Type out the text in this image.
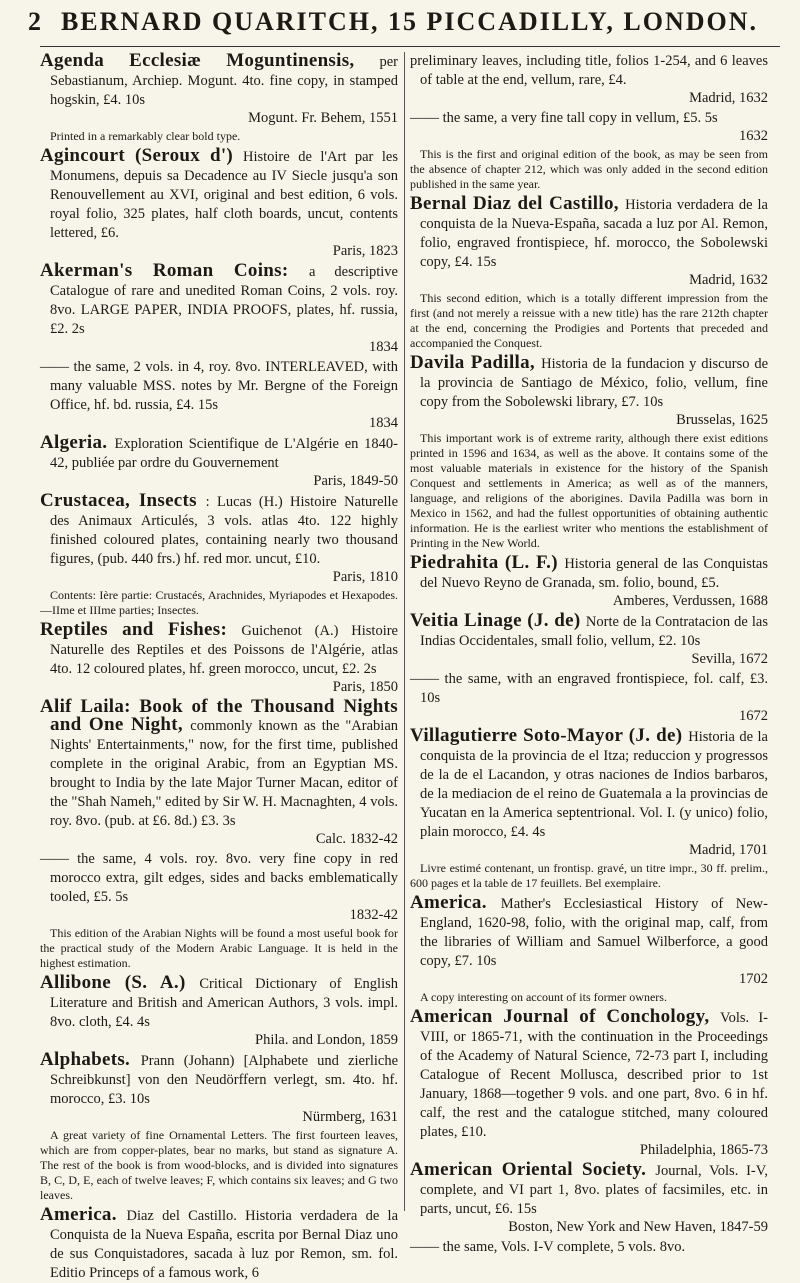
2 BERNARD QUARITCH, 15 PICCADILLY, LONDON.

Agenda Ecclesiæ Moguntinensis, per Sebastianum, Archiep. Mogunt. 4to. fine copy, in stamped hogskin, £4. 10s
Mogunt. Fr. Behem, 1551

Printed in a remarkably clear bold type.

Agincourt (Seroux d') Histoire de l'Art par les Monumens, depuis sa Decadence au IV Siecle jusqu'a son Renouvellement au XVI, original and best edition, 6 vols. royal folio, 325 plates, half cloth boards, uncut, contents lettered, £6.
Paris, 1823

Akerman's Roman Coins: a descriptive Catalogue of rare and unedited Roman Coins, 2 vols. roy. 8vo. LARGE PAPER, INDIA PROOFS, plates, hf. russia, £2. 2s
1834

—— the same, 2 vols. in 4, roy. 8vo. INTERLEAVED, with many valuable MSS. notes by Mr. Bergne of the Foreign Office, hf. bd. russia, £4. 15s
1834

Algeria. Exploration Scientifique de L'Algérie en 1840-42, publiée par ordre du Gouvernement
Paris, 1849-50

Crustacea, Insects : Lucas (H.) Histoire Naturelle des Animaux Articulés, 3 vols. atlas 4to. 122 highly finished coloured plates, containing nearly two thousand figures, (pub. 440 frs.) hf. red mor. uncut, £10.
Paris, 1810

Contents: Ière partie: Crustacés, Arachnides, Myriapodes et Hexapodes.—IIme et IIIme parties; Insectes.

Reptiles and Fishes: Guichenot (A.) Histoire Naturelle des Reptiles et des Poissons de l'Algérie, atlas 4to. 12 coloured plates, hf. green morocco, uncut, £2. 2s
Paris, 1850

Alif Laila: Book of the Thousand Nights and One Night, commonly known as the "Arabian Nights' Entertainments," now, for the first time, published complete in the original Arabic, from an Egyptian MS. brought to India by the late Major Turner Macan, editor of the "Shah Nameh," edited by Sir W. H. Macnaghten, 4 vols. roy. 8vo. (pub. at £6. 8d.) £3. 3s
Calc. 1832-42

—— the same, 4 vols. roy. 8vo. very fine copy in red morocco extra, gilt edges, sides and backs emblematically tooled, £5. 5s
1832-42

This edition of the Arabian Nights will be found a most useful book for the practical study of the Modern Arabic Language. It is held in the highest estimation.

Allibone (S. A.) Critical Dictionary of English Literature and British and American Authors, 3 vols. impl. 8vo. cloth, £4. 4s
Phila. and London, 1859

Alphabets. Prann (Johann) [Alphabete und zierliche Schreibkunst] von den Neudörffern verlegt, sm. 4to. hf. morocco, £3. 10s
Nürmberg, 1631

A great variety of fine Ornamental Letters. The first fourteen leaves, which are from copper-plates, bear no marks, but stand as signature A. The rest of the book is from wood-blocks, and is divided into signatures B, C, D, E, each of twelve leaves; F, which contains six leaves; and G two leaves.

America. Diaz del Castillo. Historia verdadera de la Conquista de la Nueva España, escrita por Bernal Diaz uno de sus Conquistadores, sacada à luz por Remon, sm. fol. Editio Princeps of a famous work, 6

preliminary leaves, including title, folios 1-254, and 6 leaves of table at the end, vellum, rare, £4.
Madrid, 1632

—— the same, a very fine tall copy in vellum, £5. 5s
1632

This is the first and original edition of the book, as may be seen from the absence of chapter 212, which was only added in the second edition published in the same year.

Bernal Diaz del Castillo, Historia verdadera de la conquista de la Nueva-España, sacada a luz por Al. Remon, folio, engraved frontispiece, hf. morocco, the Sobolewski copy, £4. 15s
Madrid, 1632

This second edition, which is a totally different impression from the first (and not merely a reissue with a new title) has the rare 212th chapter at the end, concerning the Prodigies and Portents that preceded and accompanied the Conquest.

Davila Padilla, Historia de la fundacion y discurso de la provincia de Santiago de México, folio, vellum, fine copy from the Sobolewski library, £7. 10s
Brusselas, 1625

This important work is of extreme rarity, although there exist editions printed in 1596 and 1634, as well as the above. It contains some of the most valuable materials in existence for the history of the Spanish Conquest and settlements in America; as well as of the manners, language, and religions of the aborigines. Davila Padilla was born in Mexico in 1562, and had the fullest opportunities of obtaining authentic information. He is the earliest writer who mentions the establishment of Printing in the New World.

Piedrahita (L. F.) Historia general de las Conquistas del Nuevo Reyno de Granada, sm. folio, bound, £5.
Amberes, Verdussen, 1688

Veitia Linage (J. de) Norte de la Contratacion de las Indias Occidentales, small folio, vellum, £2. 10s
Sevilla, 1672

—— the same, with an engraved frontispiece, fol. calf, £3. 10s
1672

Villagutierre Soto-Mayor (J. de) Historia de la conquista de la provincia de el Itza; reduccion y progressos de la de el Lacandon, y otras naciones de Indios barbaros, de la mediacion de el reino de Guatemala a la provincias de Yucatan en la America septentrional. Vol. I. (y unico) folio, plain morocco, £4. 4s
Madrid, 1701

Livre estimé contenant, un frontisp. gravé, un titre impr., 30 ff. prelim., 600 pages et la table de 17 feuillets. Bel exemplaire.

America. Mather's Ecclesiastical History of New-England, 1620-98, folio, with the original map, calf, from the libraries of William and Samuel Wilberforce, a good copy, £7. 10s
1702

A copy interesting on account of its former owners.

American Journal of Conchology, Vols. I-VIII, or 1865-71, with the continuation in the Proceedings of the Academy of Natural Science, 72-73 part I, including Catalogue of Recent Mollusca, described prior to 1st January, 1868—together 9 vols. and one part, 8vo. 6 in hf. calf, the rest and the catalogue stitched, many coloured plates, £10.
Philadelphia, 1865-73

American Oriental Society. Journal, Vols. I-V, complete, and VI part 1, 8vo. plates of facsimiles, etc. in parts, uncut, £6. 15s
Boston, New York and New Haven, 1847-59

—— the same, Vols. I-V complete, 5 vols. 8vo.
